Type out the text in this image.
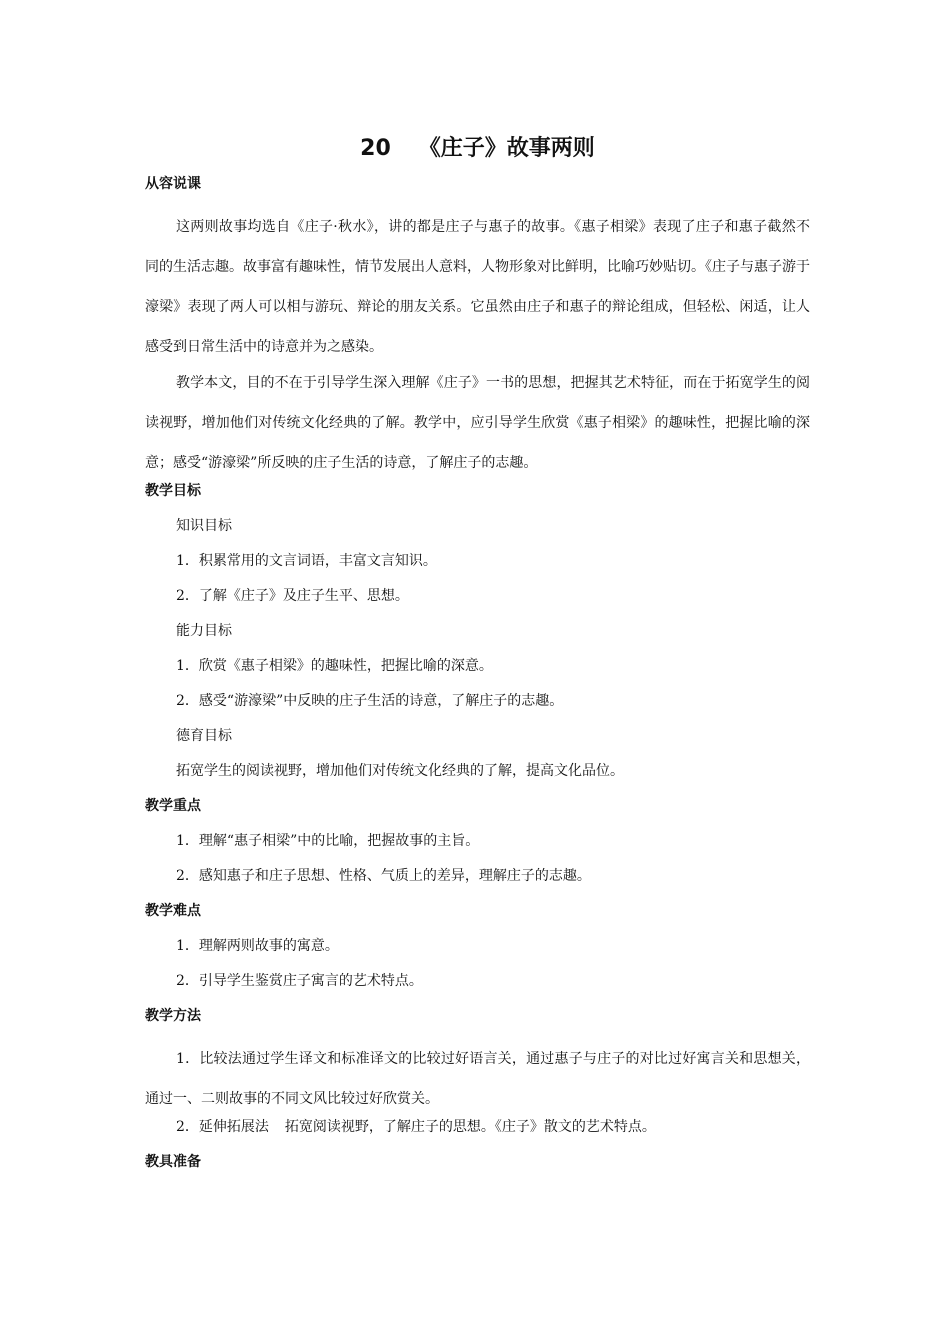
20 《庄子》故事两则
从容说课

这两则故事均选自《庄子·秋水》，讲的都是庄子与惠子的故事。《惠子相梁》表现了庄子和惠子截然不同的生活志趣。故事富有趣味性，情节发展出人意料，人物形象对比鲜明，比喻巧妙贴切。《庄子与惠子游于濠梁》表现了两人可以相与游玩、辩论的朋友关系。它虽然由庄子和惠子的辩论组成，但轻松、闲适，让人感受到日常生活中的诗意并为之感染。

教学本文，目的不在于引导学生深入理解《庄子》一书的思想，把握其艺术特征，而在于拓宽学生的阅读视野，增加他们对传统文化经典的了解。教学中，应引导学生欣赏《惠子相梁》的趣味性，把握比喻的深意；感受“游濠梁”所反映的庄子生活的诗意，了解庄子的志趣。

教学目标

知识目标

1．积累常用的文言词语，丰富文言知识。

2．了解《庄子》及庄子生平、思想。

能力目标

1．欣赏《惠子相梁》的趣味性，把握比喻的深意。

2．感受“游濠梁”中反映的庄子生活的诗意，了解庄子的志趣。

德育目标

拓宽学生的阅读视野，增加他们对传统文化经典的了解，提高文化品位。

教学重点

1．理解“惠子相梁”中的比喻，把握故事的主旨。

2．感知惠子和庄子思想、性格、气质上的差异，理解庄子的志趣。

教学难点

1．理解两则故事的寓意。

2．引导学生鉴赏庄子寓言的艺术特点。

教学方法

1．比较法通过学生译文和标准译文的比较过好语言关，通过惠子与庄子的对比过好寓言关和思想关，通过一、二则故事的不同文风比较过好欣赏关。

2．延伸拓展法 拓宽阅读视野，了解庄子的思想。《庄子》散文的艺术特点。

教具准备
